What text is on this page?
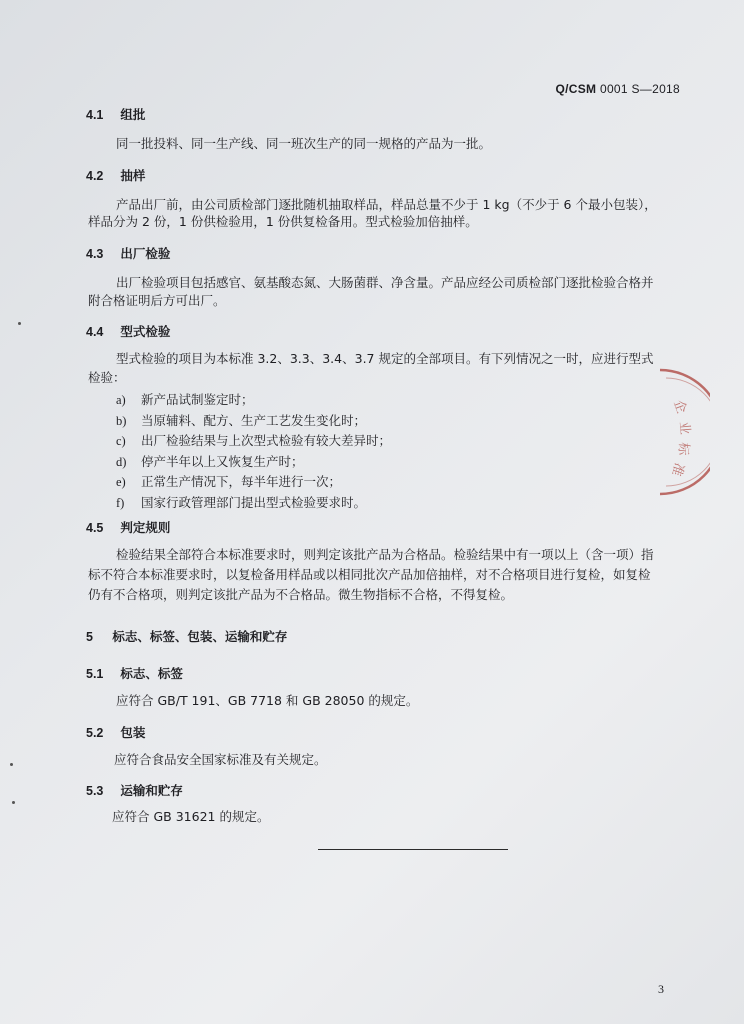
Q/CSM 0001 S—2018
4.1 组批
同一批投料、同一生产线、同一班次生产的同一规格的产品为一批。
4.2 抽样
产品出厂前，由公司质检部门逐批随机抽取样品，样品总量不少于 1 kg（不少于 6 个最小包装），
样品分为 2 份，1 份供检验用，1 份供复检备用。型式检验加倍抽样。
4.3 出厂检验
出厂检验项目包括感官、氨基酸态氮、大肠菌群、净含量。产品应经公司质检部门逐批检验合格并
附合格证明后方可出厂。
4.4 型式检验
型式检验的项目为本标准 3.2、3.3、3.4、3.7 规定的全部项目。有下列情况之一时，应进行型式
检验：
a) 新产品试制鉴定时；
b) 当原辅料、配方、生产工艺发生变化时；
c) 出厂检验结果与上次型式检验有较大差异时；
d) 停产半年以上又恢复生产时；
e) 正常生产情况下，每半年进行一次；
f) 国家行政管理部门提出型式检验要求时。
4.5 判定规则
检验结果全部符合本标准要求时，则判定该批产品为合格品。检验结果中有一项以上（含一项）指
标不符合本标准要求时，以复检备用样品或以相同批次产品加倍抽样，对不合格项目进行复检，如复检
仍有不合格项，则判定该批产品为不合格品。微生物指标不合格，不得复检。
5 标志、标签、包装、运输和贮存
5.1 标志、标签
应符合 GB/T 191、GB 7718 和 GB 28050 的规定。
5.2 包装
应符合食品安全国家标准及有关规定。
5.3 运输和贮存
应符合 GB 31621 的规定。
3
企
业
标
准
